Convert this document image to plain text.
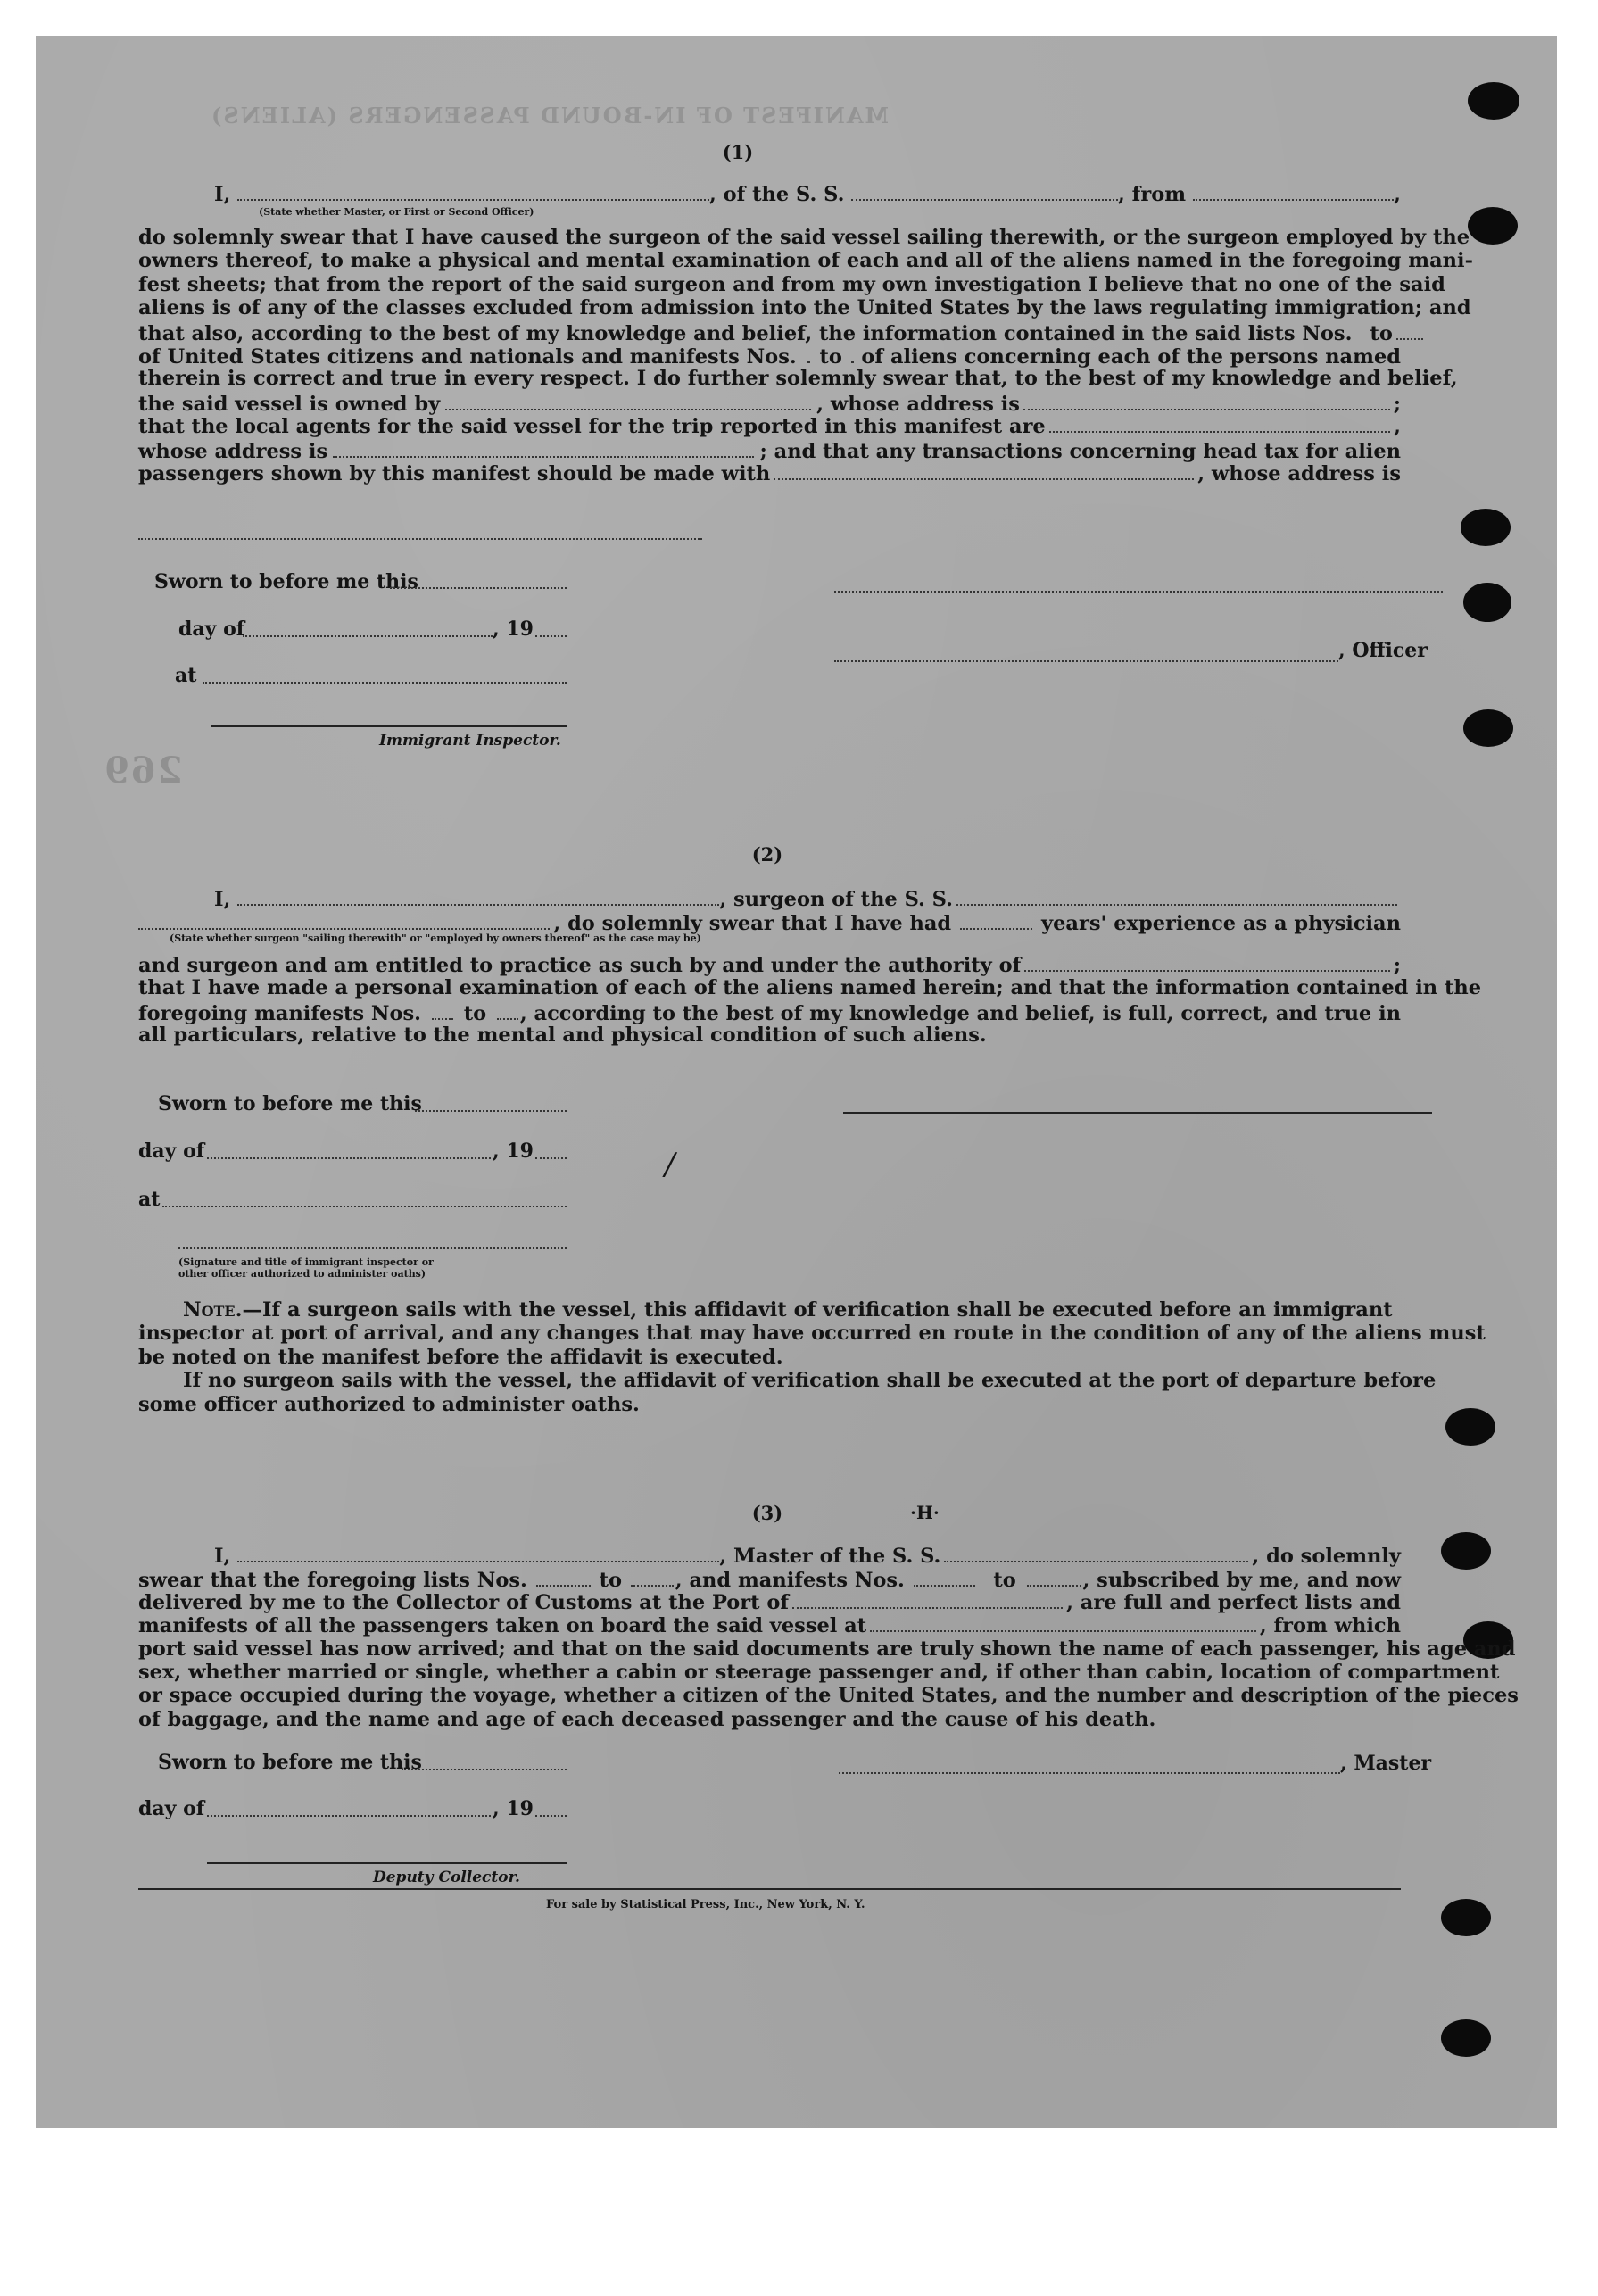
MANIFEST OF IN-BOUND PASSENGERS (ALIENS)
269
(1)
I,	, of the S. S.	, from	,
(State whether Master, or First or Second Officer)
do solemnly swear that I have caused the surgeon of the said vessel sailing therewith, or the surgeon employed by the
owners thereof, to make a physical and mental examination of each and all of the aliens named in the foregoing mani-
fest sheets; that from the report of the said surgeon and from my own investigation I believe that no one of the said
aliens is of any of the classes excluded from admission into the United States by the laws regulating immigration; and
that also, according to the best of my knowledge and belief, the information contained in the said lists Nos. to
of United States citizens and nationals and manifests Nos. to of aliens concerning each of the persons named
therein is correct and true in every respect. I do further solemnly swear that, to the best of my knowledge and belief,
the said vessel is owned by	, whose address is	;
that the local agents for the said vessel for the trip reported in this manifest are	,
whose address is	; and that any transactions concerning head tax for alien
passengers shown by this manifest should be made with	, whose address is
Sworn to before me this
day of	, 19
, Officer
at
Immigrant Inspector.
(2)
I,	, surgeon of the S. S.
, do solemnly swear that I have had	years' experience as a physician
(State whether surgeon "sailing therewith" or "employed by owners thereof" as the case may be)
and surgeon and am entitled to practice as such by and under the authority of	;
that I have made a personal examination of each of the aliens named herein; and that the information contained in the
foregoing manifests Nos. to , according to the best of my knowledge and belief, is full, correct, and true in
all particulars, relative to the mental and physical condition of such aliens.
Sworn to before me this
day of	, 19	/
at
(Signature and title of immigrant inspector or
other officer authorized to administer oaths)
Note. —If a surgeon sails with the vessel, this affidavit of verification shall be executed before an immigrant
inspector at port of arrival, and any changes that may have occurred en route in the condition of any of the aliens must
be noted on the manifest before the affidavit is executed.
If no surgeon sails with the vessel, the affidavit of verification shall be executed at the port of departure before
some officer authorized to administer oaths.
(3)	·H·
I,	, Master of the S. S.	, do solemnly
swear that the foregoing lists Nos.	to	, and manifests Nos.	to	, subscribed by me, and now
delivered by me to the Collector of Customs at the Port of	, are full and perfect lists and
manifests of all the passengers taken on board the said vessel at	, from which
port said vessel has now arrived; and that on the said documents are truly shown the name of each passenger, his age and
sex, whether married or single, whether a cabin or steerage passenger and, if other than cabin, location of compartment
or space occupied during the voyage, whether a citizen of the United States, and the number and description of the pieces
of baggage, and the name and age of each deceased passenger and the cause of his death.
Sworn to before me this	, Master
day of	, 19
Deputy Collector.
For sale by Statistical Press, Inc., New York, N. Y.
